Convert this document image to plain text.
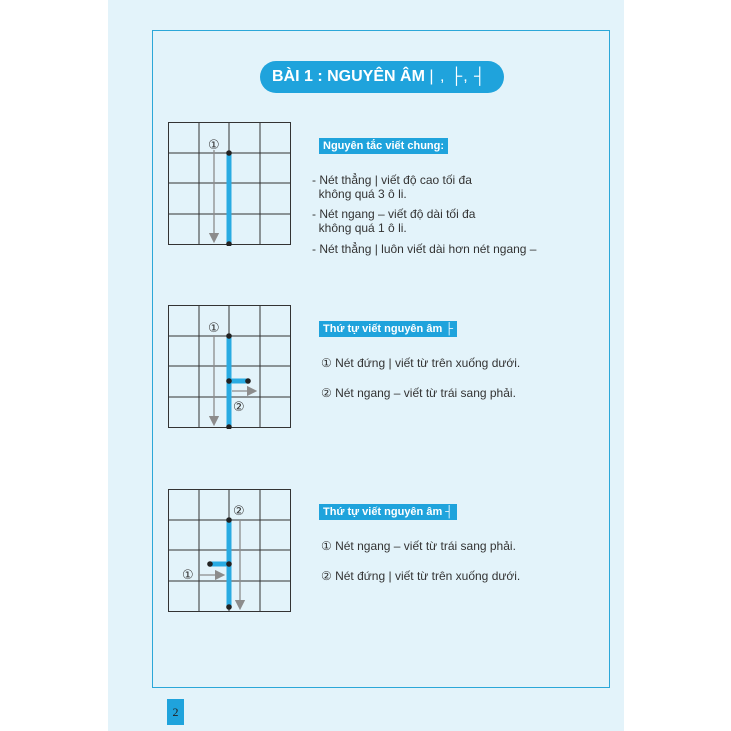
BÀI 1 : NGUYÊN ÂM | , ├, ┤
①
①
②
②
①
Nguyên tắc viết chung:
- Nét thẳng | viết độ cao tối đa
không quá 3 ô li.
- Nét ngang – viết độ dài tối đa
không quá 1 ô li.
- Nét thẳng | luôn viết dài hơn nét ngang –
Thứ tự viết nguyên âm ├
① Nét đứng | viết từ trên xuống dưới.
② Nét ngang – viết từ trái sang phải.
Thứ tự viết nguyên âm ┤
① Nét ngang – viết từ trái sang phải.
② Nét đứng | viết từ trên xuống dưới.
2
